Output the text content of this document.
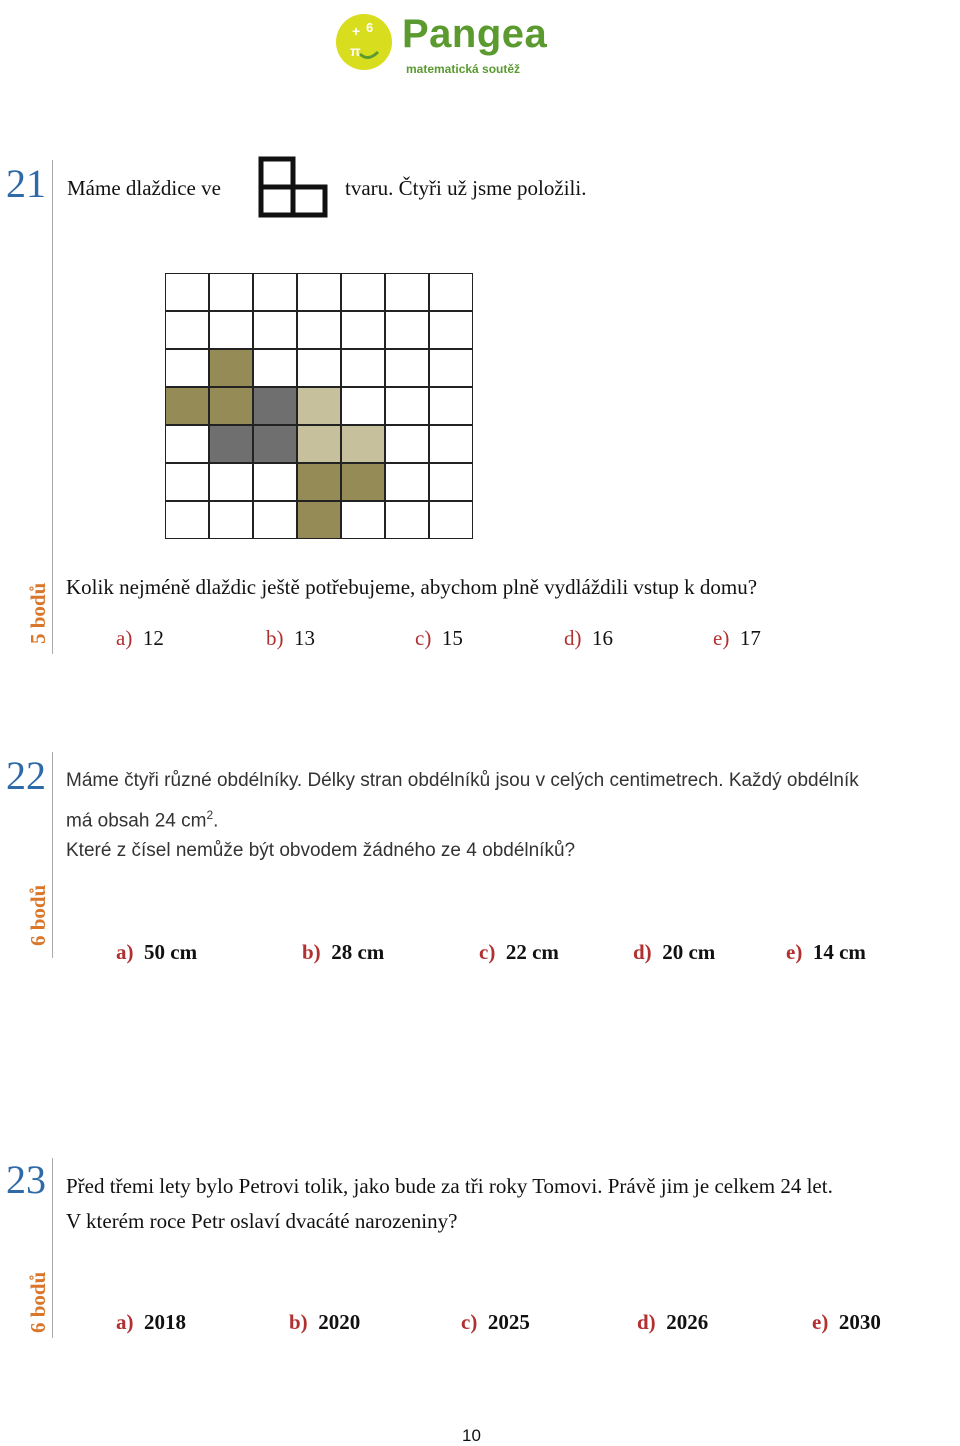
+ 6
π Pangea
matematická soutěž
21
5 bodů
Máme dlaždice ve	tvaru. Čtyři už jsme položili.
Kolik nejméně dlaždic ještě potřebujeme, abychom plně vydláždili vstup k domu?
a) 12	b) 13	c) 15	d) 16	e) 17
22
6 bodů
Máme čtyři různé obdélníky. Délky stran obdélníků jsou v celých centimetrech. Každý obdélník
má obsah 24 $cm^2$.
Které z čísel nemůže být obvodem žádného ze 4 obdélníků?
a) 50 cm	b) 28 cm	c) 22 cm	d) 20 cm	e) 14 cm
23
6 bodů
Před třemi lety bylo Petrovi tolik, jako bude za tři roky Tomovi. Právě jim je celkem 24 let.
V kterém roce Petr oslaví dvacáté narozeniny?
a) 2018	b) 2020	c) 2025	d) 2026	e) 2030
10
